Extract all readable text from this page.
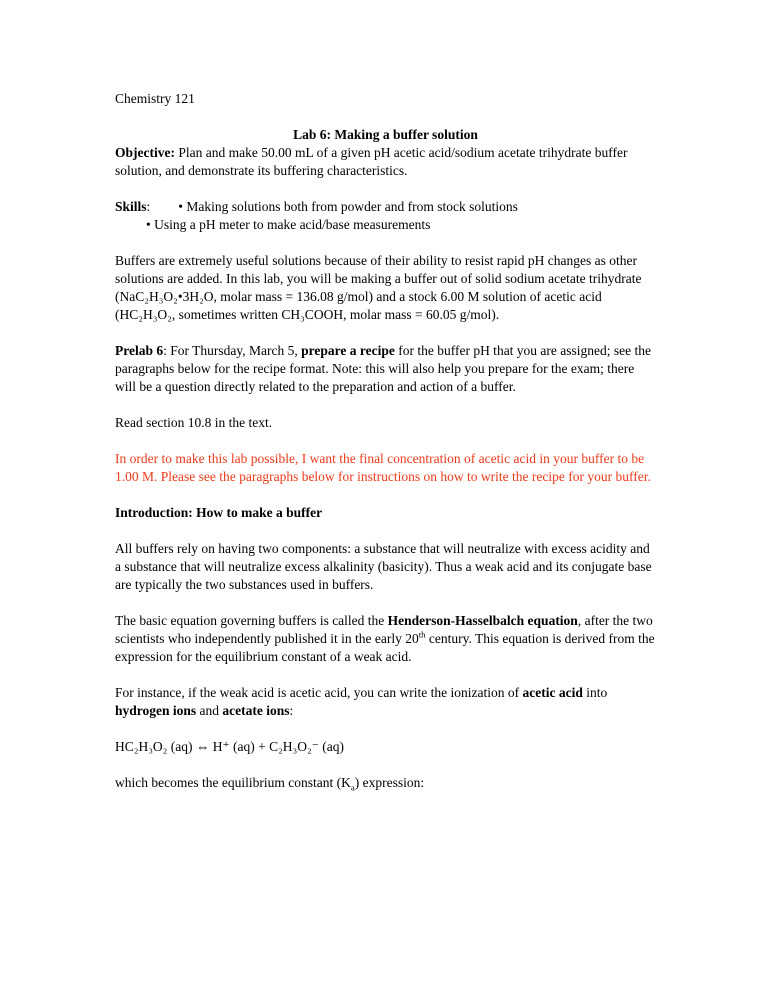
Chemistry 121

Lab 6: Making a buffer solution

Objective: Plan and make 50.00 mL of a given pH acetic acid/sodium acetate trihydrate buffer solution, and demonstrate its buffering characteristics.

Skills: • Making solutions both from powder and from stock solutions
• Using a pH meter to make acid/base measurements

Buffers are extremely useful solutions because of their ability to resist rapid pH changes as other solutions are added. In this lab, you will be making a buffer out of solid sodium acetate trihydrate (NaC₂H₃O₂•3H₂O, molar mass = 136.08 g/mol) and a stock 6.00 M solution of acetic acid (HC₂H₃O₂, sometimes written CH₃COOH, molar mass = 60.05 g/mol).

Prelab 6: For Thursday, March 5, prepare a recipe for the buffer pH that you are assigned; see the paragraphs below for the recipe format. Note: this will also help you prepare for the exam; there will be a question directly related to the preparation and action of a buffer.

Read section 10.8 in the text.

In order to make this lab possible, I want the final concentration of acetic acid in your buffer to be 1.00 M. Please see the paragraphs below for instructions on how to write the recipe for your buffer.

Introduction: How to make a buffer

All buffers rely on having two components: a substance that will neutralize with excess acidity and a substance that will neutralize excess alkalinity (basicity). Thus a weak acid and its conjugate base are typically the two substances used in buffers.

The basic equation governing buffers is called the Henderson-Hasselbalch equation, after the two scientists who independently published it in the early 20th century. This equation is derived from the expression for the equilibrium constant of a weak acid.

For instance, if the weak acid is acetic acid, you can write the ionization of acetic acid into hydrogen ions and acetate ions:

HC₂H₃O₂ (aq) ⇔ H⁺ (aq) + C₂H₃O₂⁻ (aq)

which becomes the equilibrium constant $(K_a)$ expression:
